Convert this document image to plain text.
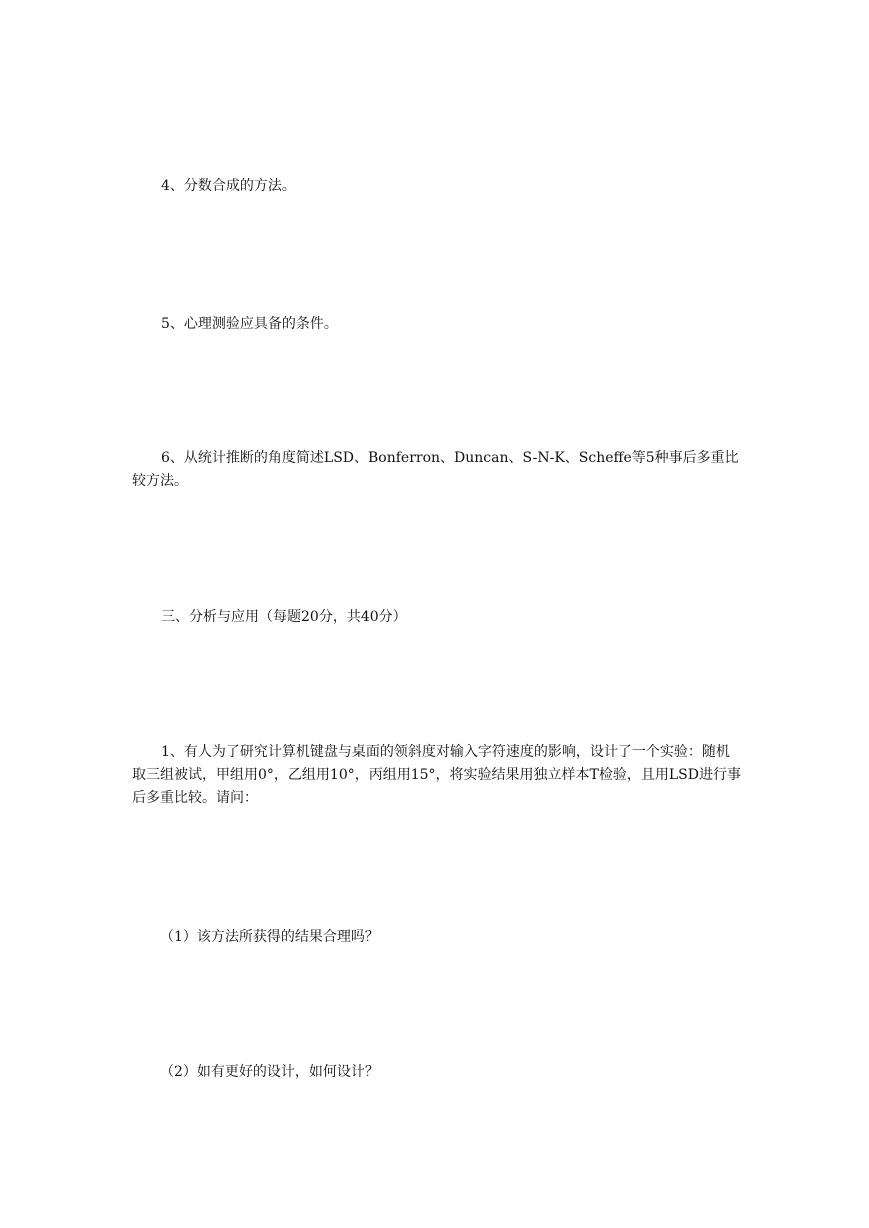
4、分数合成的方法。

5、心理测验应具备的条件。

6、从统计推断的角度简述LSD、Bonferron、Duncan、S-N-K、Scheffe等5种事后多重比较方法。

三、分析与应用（每题20分，共40分）

1、有人为了研究计算机键盘与桌面的领斜度对输入字符速度的影响，设计了一个实验：随机取三组被试，甲组用0°，乙组用10°，丙组用15°，将实验结果用独立样本T检验，且用LSD进行事后多重比较。请问：

（1）该方法所获得的结果合理吗？

（2）如有更好的设计，如何设计？
